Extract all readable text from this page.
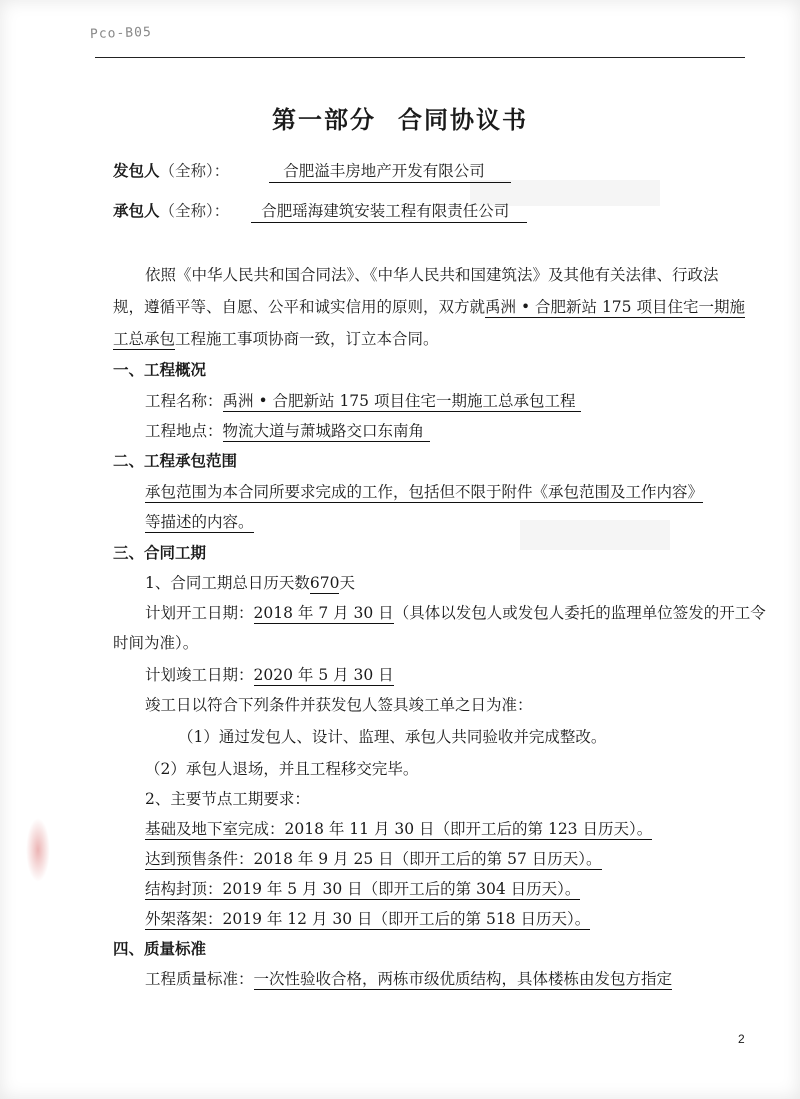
Pco-B05
第一部分 合同协议书
发包人（全称）：	合肥溢丰房地产开发有限公司
承包人（全称）： 合肥瑶海建筑安装工程有限责任公司
依照《中华人民共和国合同法》、《中华人民共和国建筑法》及其他有关法律、行政法
规，遵循平等、自愿、公平和诚实信用的原则，双方就禹洲 • 合肥新站 175 项目住宅一期施
工总承包工程施工事项协商一致，订立本合同。
一、工程概况
工程名称：禹洲 • 合肥新站 175 项目住宅一期施工总承包工程
工程地点：物流大道与萧城路交口东南角
二、工程承包范围
承包范围为本合同所要求完成的工作，包括但不限于附件《承包范围及工作内容》
等描述的内容。
三、合同工期
1、合同工期总日历天数670天
计划开工日期：2018 年 7 月 30 日（具体以发包人或发包人委托的监理单位签发的开工令
时间为准）。
计划竣工日期：2020 年 5 月 30 日
竣工日以符合下列条件并获发包人签具竣工单之日为准：
（1）通过发包人、设计、监理、承包人共同验收并完成整改。
（2）承包人退场，并且工程移交完毕。
2、主要节点工期要求：
基础及地下室完成：2018 年 11 月 30 日（即开工后的第 123 日历天）。
达到预售条件：2018 年 9 月 25 日（即开工后的第 57 日历天）。
结构封顶：2019 年 5 月 30 日（即开工后的第 304 日历天）。
外架落架：2019 年 12 月 30 日（即开工后的第 518 日历天）。
四、质量标准
工程质量标准：一次性验收合格，两栋市级优质结构，具体楼栋由发包方指定
2
